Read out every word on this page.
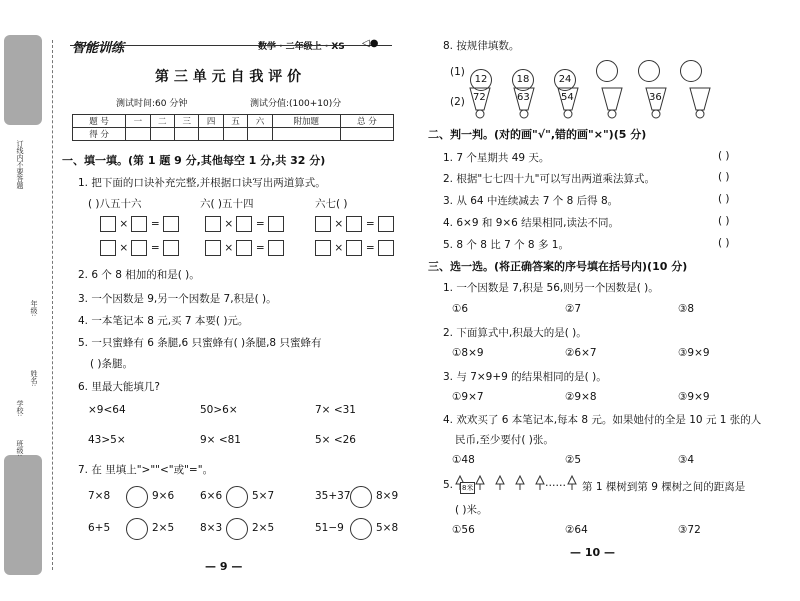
订线内不要答题
年级:
姓名:
学校:
班级:
智能训练	数学 · 二年级上 · XS ◁●
第 三 单 元 自 我 评 价
测试时间:60 分钟	测试分值:(100+10)分
题 号	一	二	三	四	五	六	附加题	总 分
得 分								
一、填一填。(第 1 题 9 分,其他每空 1 分,共 32 分)
1. 把下面的口诀补充完整,并根据口诀写出两道算式。
( )八五十六	六( )五十四	六七( )
×  =	×  =	×  =
×  =	×  =	×  =
2. 6 个 8 相加的和是( )。
3. 一个因数是 9,另一个因数是 7,积是( )。
4. 一本笔记本 8 元,买 7 本要( )元。
5. 一只蜜蜂有 6 条腿,6 只蜜蜂有( )条腿,8 只蜜蜂有
( )条腿。
6. 里最大能填几?
×9<64	50>6×	7× <31
43>5×	9× <81	5× <26
7. 在 里填上">""<"或"="。
7×8	9×6 6×6	5×7	35+37 8×9
6+5	2×5 8×3	2×5	51−9	5×8
— 9 —
8. 按规律填数。
(1)
12	18	24
(2) 72	63	54	36
二、判一判。(对的画"√",错的画"×")(5 分)
1. 7 个星期共 49 天。	( )
2. 根据"七七四十九"可以写出两道乘法算式。	( )
3. 从 64 中连续减去 7 个 8 后得 8。	( )
4. 6×9 和 9×6 结果相同,读法不同。	( )
5. 8 个 8 比 7 个 8 多 1。	( )
三、选一选。(将正确答案的序号填在括号内)(10 分)
1. 一个因数是 7,积是 56,则另一个因数是( )。
①6	②7	③8
2. 下面算式中,积最大的是( )。
①8×9	②6×7	③9×9
3. 与 7×9+9 的结果相同的是( )。
①9×7	②9×8	③9×9
4. 欢欢买了 6 本笔记本,每本 8 元。如果她付的全是 10 元 1 张的人
民币,至少要付( )张。
①48	②5	③4
5. 8米	…… 第 1 棵树到第 9 棵树之间的距离是
( )米。
①56	②64	③72
— 10 —
